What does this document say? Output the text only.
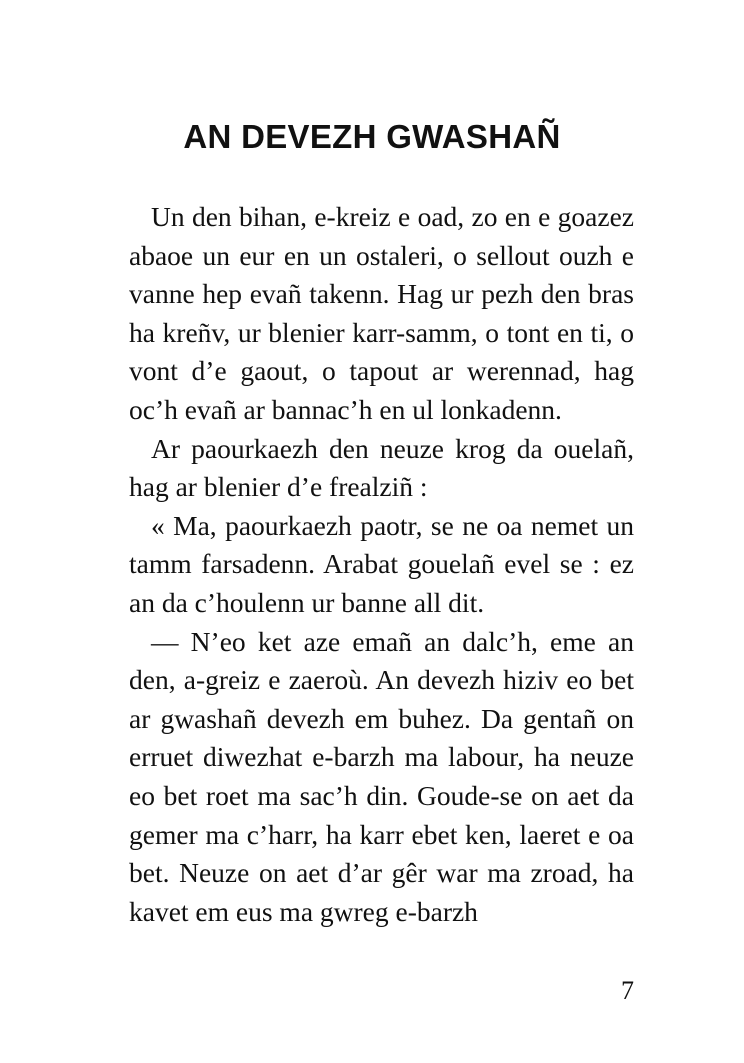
AN DEVEZH GWASHAÑ

Un den bihan, e-kreiz e oad, zo en e goazez abaoe un eur en un ostaleri, o sellout ouzh e vanne hep evañ takenn. Hag ur pezh den bras ha kreñv, ur blenier karr-samm, o tont en ti, o vont d’e gaout, o tapout ar werennad, hag oc’h evañ ar bannac’h en ul lonkadenn.

Ar paourkaezh den neuze krog da ouelañ, hag ar blenier d’e frealziñ :

« Ma, paourkaezh paotr, se ne oa nemet un tamm farsadenn. Arabat gouelañ evel se : ez an da c’houlenn ur banne all dit.

— N’eo ket aze emañ an dalc’h, eme an den, a-greiz e zaeroù. An devezh hiziv eo bet ar gwashañ devezh em buhez. Da gentañ on erruet diwezhat e-barzh ma labour, ha neuze eo bet roet ma sac’h din. Goude-se on aet da gemer ma c’harr, ha karr ebet ken, laeret e oa bet. Neuze on aet d’ar gêr war ma zroad, ha kavet em eus ma gwreg e-barzh

7
